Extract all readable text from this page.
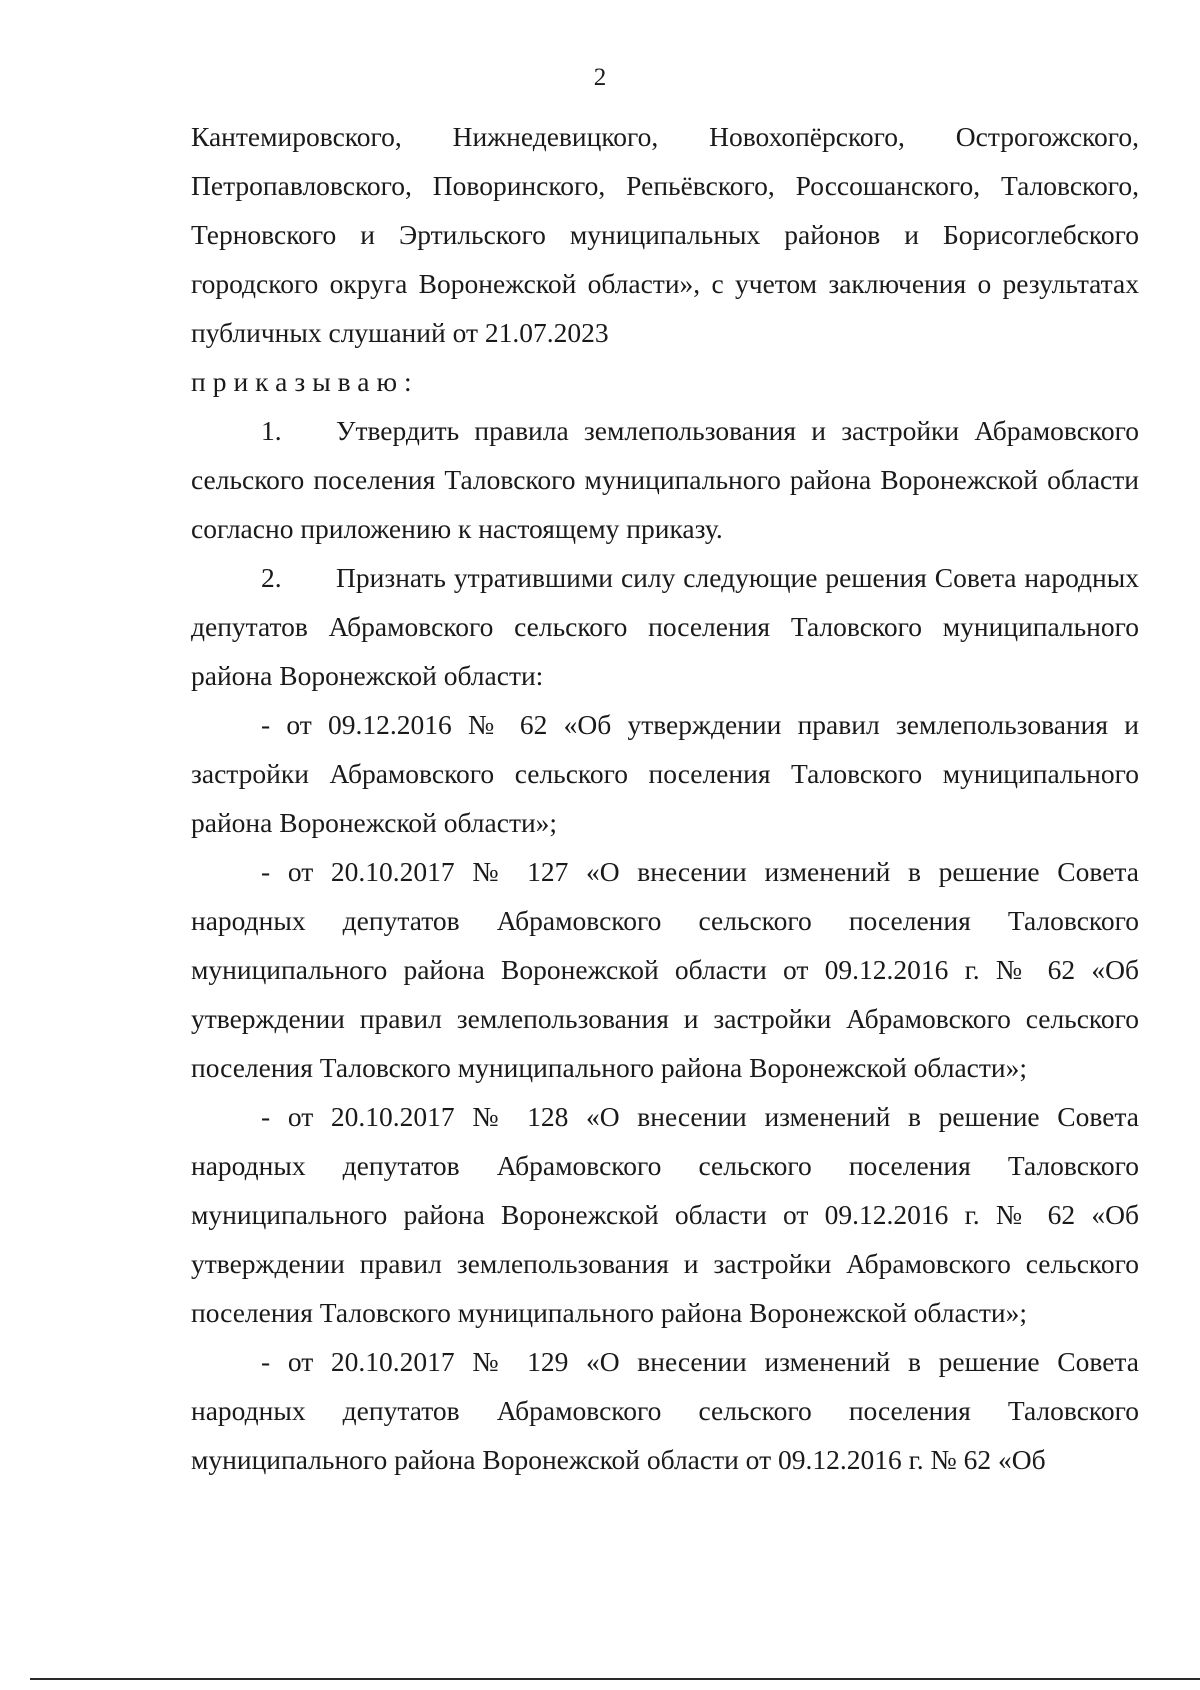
2

Кантемировского, Нижнедевицкого, Новохопёрского, Острогожского, Петропавловского, Поворинского, Репьёвского, Россошанского, Таловского, Терновского и Эртильского муниципальных районов и Борисоглебского городского округа Воронежской области», с учетом заключения о результатах публичных слушаний от 21.07.2023

приказываю:

1. Утвердить правила землепользования и застройки Абрамовского сельского поселения Таловского муниципального района Воронежской области согласно приложению к настоящему приказу.

2. Признать утратившими силу следующие решения Совета народных депутатов Абрамовского сельского поселения Таловского муниципального района Воронежской области:

- от 09.12.2016 № 62 «Об утверждении правил землепользования и застройки Абрамовского сельского поселения Таловского муниципального района Воронежской области»;

- от 20.10.2017 № 127 «О внесении изменений в решение Совета народных депутатов Абрамовского сельского поселения Таловского муниципального района Воронежской области от 09.12.2016 г. № 62 «Об утверждении правил землепользования и застройки Абрамовского сельского поселения Таловского муниципального района Воронежской области»;

- от 20.10.2017 № 128 «О внесении изменений в решение Совета народных депутатов Абрамовского сельского поселения Таловского муниципального района Воронежской области от 09.12.2016 г. № 62 «Об утверждении правил землепользования и застройки Абрамовского сельского поселения Таловского муниципального района Воронежской области»;

- от 20.10.2017 № 129 «О внесении изменений в решение Совета народных депутатов Абрамовского сельского поселения Таловского муниципального района Воронежской области от 09.12.2016 г. № 62 «Об
